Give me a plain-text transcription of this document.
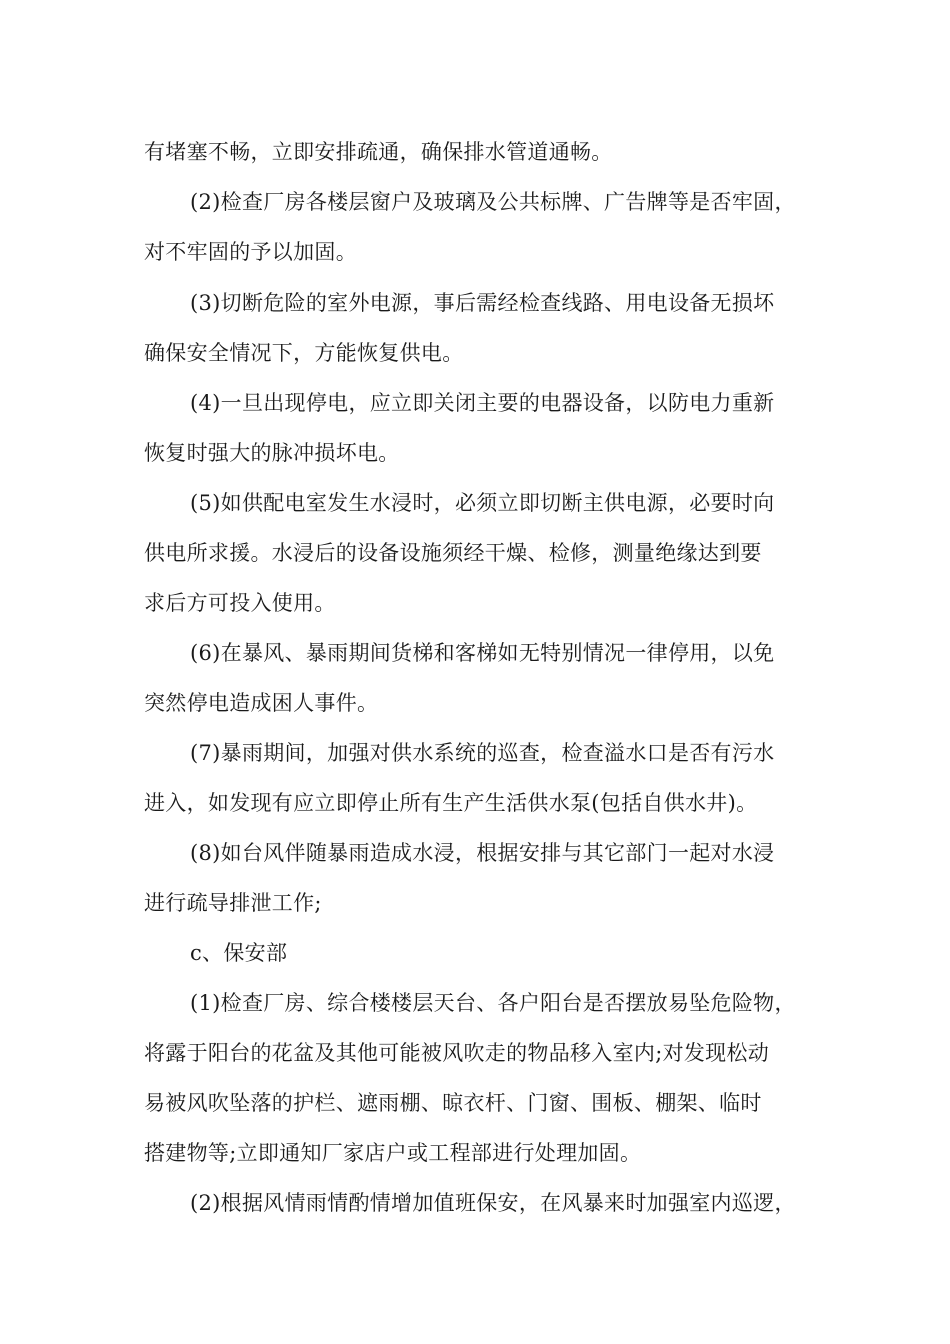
有堵塞不畅，立即安排疏通，确保排水管道通畅。
(2)检查厂房各楼层窗户及玻璃及公共标牌、广告牌等是否牢固，
对不牢固的予以加固。
(3)切断危险的室外电源，事后需经检查线路、用电设备无损坏
确保安全情况下，方能恢复供电。
(4)一旦出现停电，应立即关闭主要的电器设备，以防电力重新
恢复时强大的脉冲损坏电。
(5)如供配电室发生水浸时，必须立即切断主供电源，必要时向
供电所求援。水浸后的设备设施须经干燥、检修，测量绝缘达到要
求后方可投入使用。
(6)在暴风、暴雨期间货梯和客梯如无特别情况一律停用，以免
突然停电造成困人事件。
(7)暴雨期间，加强对供水系统的巡查，检查溢水口是否有污水
进入，如发现有应立即停止所有生产生活供水泵(包括自供水井)。
(8)如台风伴随暴雨造成水浸，根据安排与其它部门一起对水浸
进行疏导排泄工作;
c、保安部
(1)检查厂房、综合楼楼层天台、各户阳台是否摆放易坠危险物，
将露于阳台的花盆及其他可能被风吹走的物品移入室内;对发现松动
易被风吹坠落的护栏、遮雨棚、晾衣杆、门窗、围板、棚架、临时
搭建物等;立即通知厂家店户或工程部进行处理加固。
(2)根据风情雨情酌情增加值班保安，在风暴来时加强室内巡逻，
